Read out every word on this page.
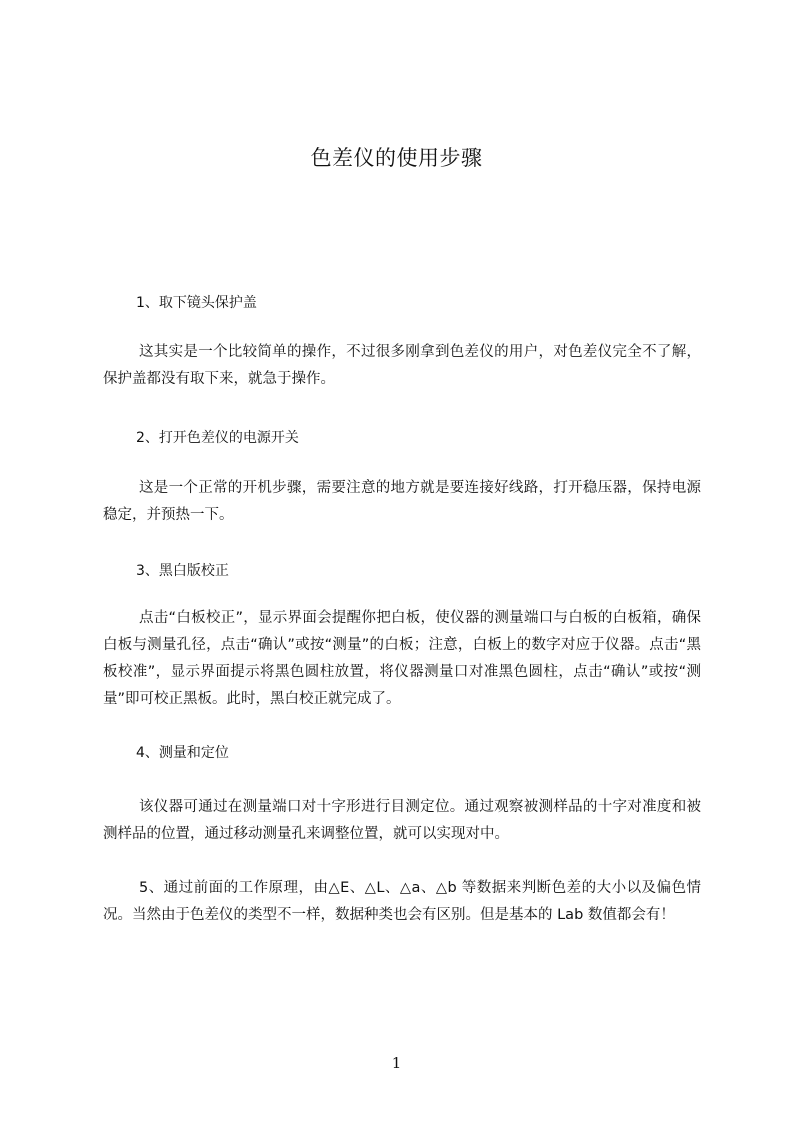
色差仪的使用步骤

1、取下镜头保护盖

这其实是一个比较简单的操作，不过很多刚拿到色差仪的用户，对色差仪完全不了解，保护盖都没有取下来，就急于操作。

2、打开色差仪的电源开关

这是一个正常的开机步骤，需要注意的地方就是要连接好线路，打开稳压器，保持电源稳定，并预热一下。

3、黑白版校正

点击“白板校正”，显示界面会提醒你把白板，使仪器的测量端口与白板的白板箱，确保白板与测量孔径，点击“确认”或按“测量”的白板；注意，白板上的数字对应于仪器。点击“黑板校准”，显示界面提示将黑色圆柱放置，将仪器测量口对准黑色圆柱，点击“确认”或按“测量”即可校正黑板。此时，黑白校正就完成了。

4、测量和定位

该仪器可通过在测量端口对十字形进行目测定位。通过观察被测样品的十字对准度和被测样品的位置，通过移动测量孔来调整位置，就可以实现对中。

5、通过前面的工作原理，由△E、△L、△a、△b 等数据来判断色差的大小以及偏色情况。当然由于色差仪的类型不一样，数据种类也会有区别。但是基本的 Lab 数值都会有！

1
